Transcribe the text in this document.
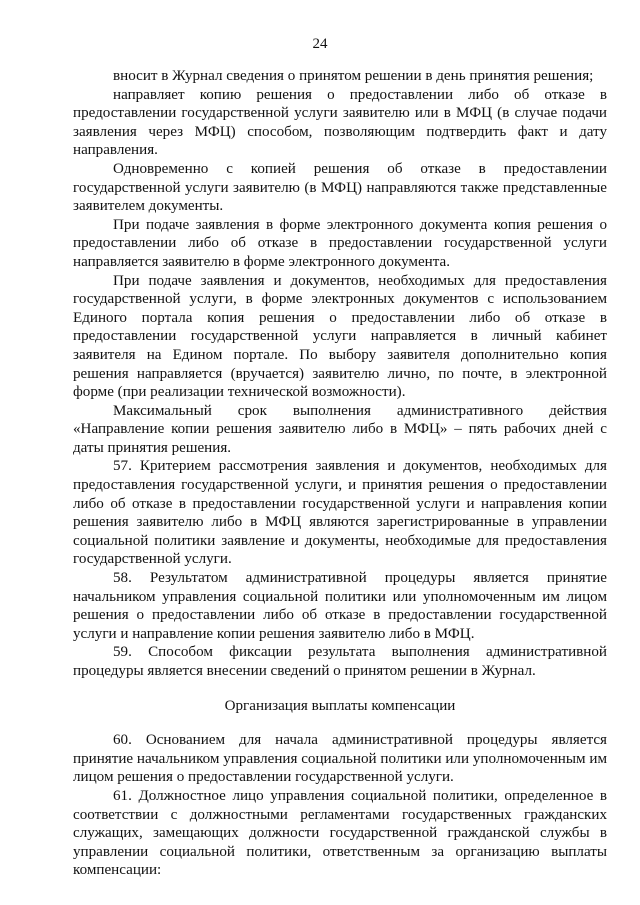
24

вносит в Журнал сведения о принятом решении в день принятия решения;

направляет копию решения о предоставлении либо об отказе в предоставлении государственной услуги заявителю или в МФЦ (в случае подачи заявления через МФЦ) способом, позволяющим подтвердить факт и дату направления.

Одновременно с копией решения об отказе в предоставлении государственной услуги заявителю (в МФЦ) направляются также представленные заявителем документы.

При подаче заявления в форме электронного документа копия решения о предоставлении либо об отказе в предоставлении государственной услуги направляется заявителю в форме электронного документа.

При подаче заявления и документов, необходимых для предоставления государственной услуги, в форме электронных документов с использованием Единого портала копия решения о предоставлении либо об отказе в предоставлении государственной услуги направляется в личный кабинет заявителя на Едином портале. По выбору заявителя дополнительно копия решения направляется (вручается) заявителю лично, по почте, в электронной форме (при реализации технической возможности).

Максимальный срок выполнения административного действия «Направление копии решения заявителю либо в МФЦ» – пять рабочих дней с даты принятия решения.

57. Критерием рассмотрения заявления и документов, необходимых для предоставления государственной услуги, и принятия решения о предоставлении либо об отказе в предоставлении государственной услуги и направления копии решения заявителю либо в МФЦ являются зарегистрированные в управлении социальной политики заявление и документы, необходимые для предоставления государственной услуги.

58. Результатом административной процедуры является принятие начальником управления социальной политики или уполномоченным им лицом решения о предоставлении либо об отказе в предоставлении государственной услуги и направление копии решения заявителю либо в МФЦ.

59. Способом фиксации результата выполнения административной процедуры является внесении сведений о принятом решении в Журнал.

Организация выплаты компенсации

60. Основанием для начала административной процедуры является принятие начальником управления социальной политики или уполномоченным им лицом решения о предоставлении государственной услуги.

61. Должностное лицо управления социальной политики, определенное в соответствии с должностными регламентами государственных гражданских служащих, замещающих должности государственной гражданской службы в управлении социальной политики, ответственным за организацию выплаты компенсации:
